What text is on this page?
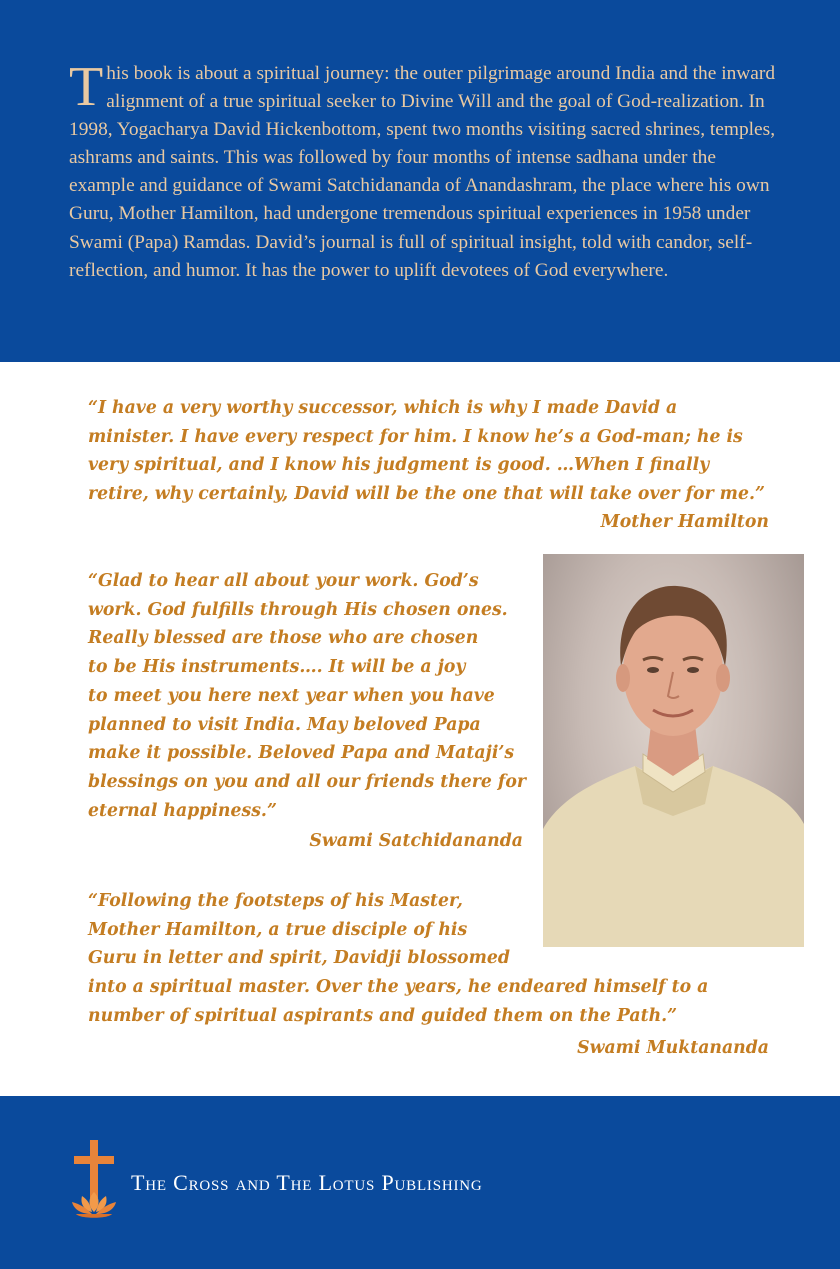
This book is about a spiritual journey: the outer pilgrimage around India and the inward alignment of a true spiritual seeker to Divine Will and the goal of God-realization. In 1998, Yogacharya David Hickenbottom, spent two months visiting sacred shrines, temples, ashrams and saints. This was followed by four months of intense sadhana under the example and guidance of Swami Satchidananda of Anandashram, the place where his own Guru, Mother Hamilton, had undergone tremendous spiritual experiences in 1958 under Swami (Papa) Ramdas. David’s journal is full of spiritual insight, told with candor, self-reflection, and humor. It has the power to uplift devotees of God everywhere.

“I have a very worthy successor, which is why I made David a
minister. I have every respect for him. I know he’s a God-man; he is
very spiritual, and I know his judgment is good. …When I finally
retire, why certainly, David will be the one that will take over for me.”
Mother Hamilton
“Glad to hear all about your work. God’s
work. God fulfills through His chosen ones.
Really blessed are those who are chosen
to be His instruments…. It will be a joy
to meet you here next year when you have
planned to visit India. May beloved Papa
make it possible. Beloved Papa and Mataji’s
blessings on you and all our friends there for
eternal happiness.”
Swami Satchidananda
“Following the footsteps of his Master,
Mother Hamilton, a true disciple of his
Guru in letter and spirit, Davidji blossomed
into a spiritual master. Over the years, he endeared himself to a
number of spiritual aspirants and guided them on the Path.”
Swami Muktananda
The Cross and The Lotus Publishing
